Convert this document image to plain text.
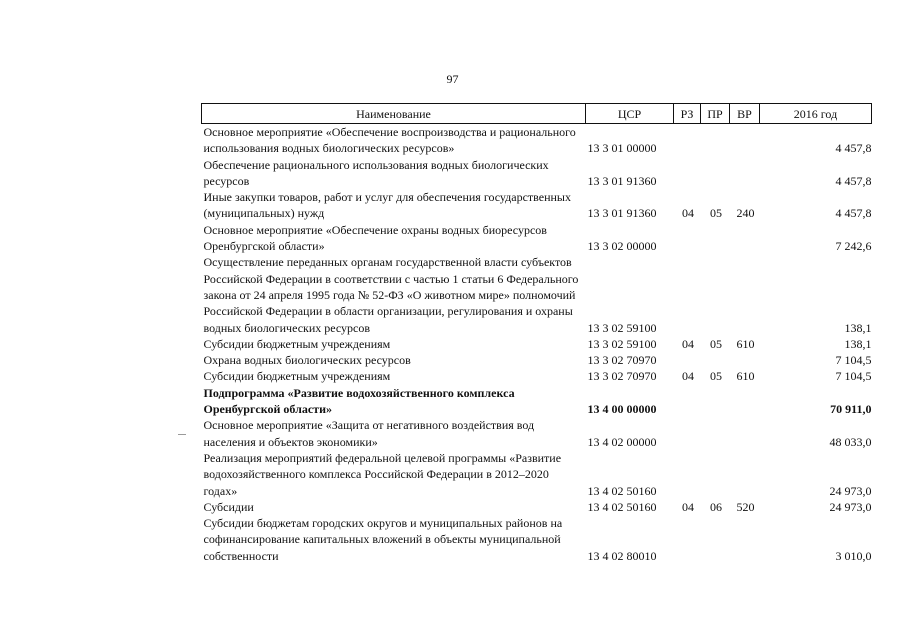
97
Наименование	ЦСР	РЗ	ПР	ВР	2016 год
Основное мероприятие «Обеспечение воспроизводства и рационального использования водных биологических ресурсов»	13 3 01 00000				4 457,8
Обеспечение рационального использования водных биологических ресурсов	13 3 01 91360				4 457,8
Иные закупки товаров, работ и услуг для обеспечения государственных (муниципальных) нужд	13 3 01 91360	04	05	240	4 457,8
Основное мероприятие «Обеспечение охраны водных биоресурсов Оренбургской области»	13 3 02 00000				7 242,6
Осуществление переданных органам государственной власти субъектов Российской Федерации в соответствии с частью 1 статьи 6 Федерального закона от 24 апреля 1995 года № 52-ФЗ «О животном мире» полномочий Российской Федерации в области организации, регулирования и охраны водных биологических ресурсов	13 3 02 59100				138,1
Субсидии бюджетным учреждениям	13 3 02 59100	04	05	610	138,1
Охрана водных биологических ресурсов	13 3 02 70970				7 104,5
Субсидии бюджетным учреждениям	13 3 02 70970	04	05	610	7 104,5
Подпрограмма «Развитие водохозяйственного комплекса Оренбургской области»	13 4 00 00000				70 911,0
Основное мероприятие «Защита от негативного воздействия вод населения и объектов экономики»	13 4 02 00000				48 033,0
Реализация мероприятий федеральной целевой программы «Развитие водохозяйственного комплекса Российской Федерации в 2012–2020 годах»	13 4 02 50160				24 973,0
Субсидии	13 4 02 50160	04	06	520	24 973,0
Субсидии бюджетам городских округов и муниципальных районов на софинансирование капитальных вложений в объекты муниципальной собственности	13 4 02 80010				3 010,0
